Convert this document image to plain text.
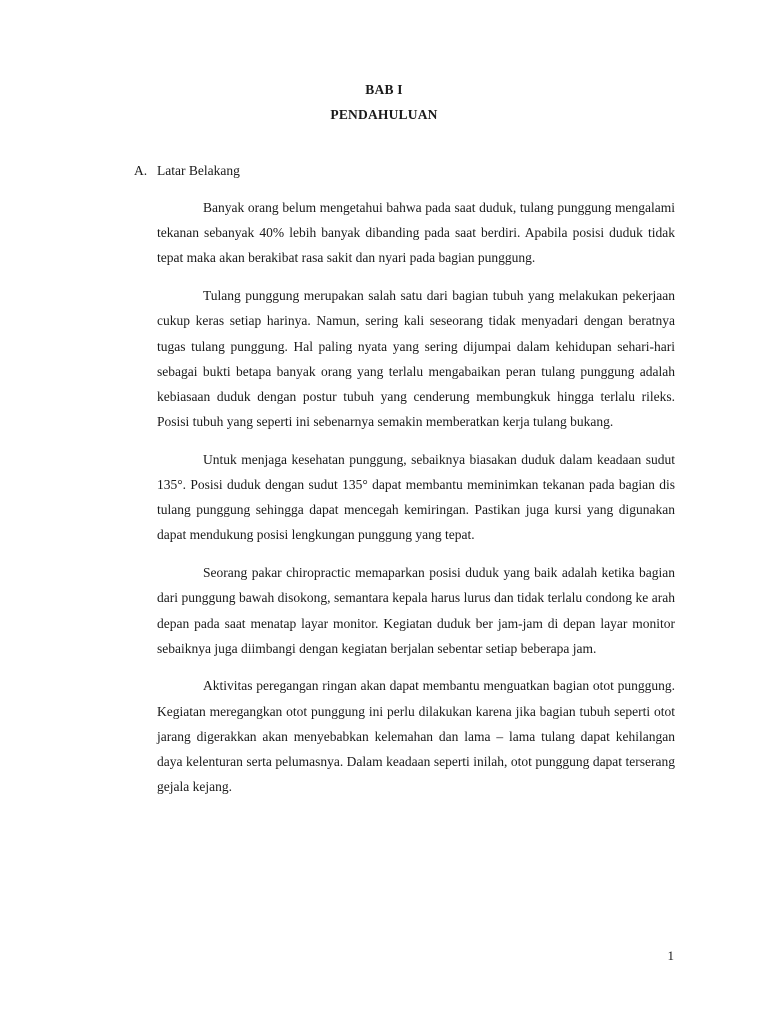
BAB I
PENDAHULUAN
A. Latar Belakang

Banyak orang belum mengetahui bahwa pada saat duduk, tulang punggung mengalami tekanan sebanyak 40% lebih banyak dibanding pada saat berdiri. Apabila posisi duduk tidak tepat maka akan berakibat rasa sakit dan nyari pada bagian punggung.

Tulang punggung merupakan salah satu dari bagian tubuh yang melakukan pekerjaan cukup keras setiap harinya. Namun, sering kali seseorang tidak menyadari dengan beratnya tugas tulang punggung. Hal paling nyata yang sering dijumpai dalam kehidupan sehari-hari sebagai bukti betapa banyak orang yang terlalu mengabaikan peran tulang punggung adalah kebiasaan duduk dengan postur tubuh yang cenderung membungkuk hingga terlalu rileks. Posisi tubuh yang seperti ini sebenarnya semakin memberatkan kerja tulang bukang.

Untuk menjaga kesehatan punggung, sebaiknya biasakan duduk dalam keadaan sudut 135°. Posisi duduk dengan sudut 135° dapat membantu meminimkan tekanan pada bagian dis tulang punggung sehingga dapat mencegah kemiringan. Pastikan juga kursi yang digunakan dapat mendukung posisi lengkungan punggung yang tepat.

Seorang pakar chiropractic memaparkan posisi duduk yang baik adalah ketika bagian dari punggung bawah disokong, semantara kepala harus lurus dan tidak terlalu condong ke arah depan pada saat menatap layar monitor. Kegiatan duduk ber jam-jam di depan layar monitor sebaiknya juga diimbangi dengan kegiatan berjalan sebentar setiap beberapa jam.

Aktivitas peregangan ringan akan dapat membantu menguatkan bagian otot punggung. Kegiatan meregangkan otot punggung ini perlu dilakukan karena jika bagian tubuh seperti otot jarang digerakkan akan menyebabkan kelemahan dan lama – lama tulang dapat kehilangan daya kelenturan serta pelumasnya. Dalam keadaan seperti inilah, otot punggung dapat terserang gejala kejang.

1
